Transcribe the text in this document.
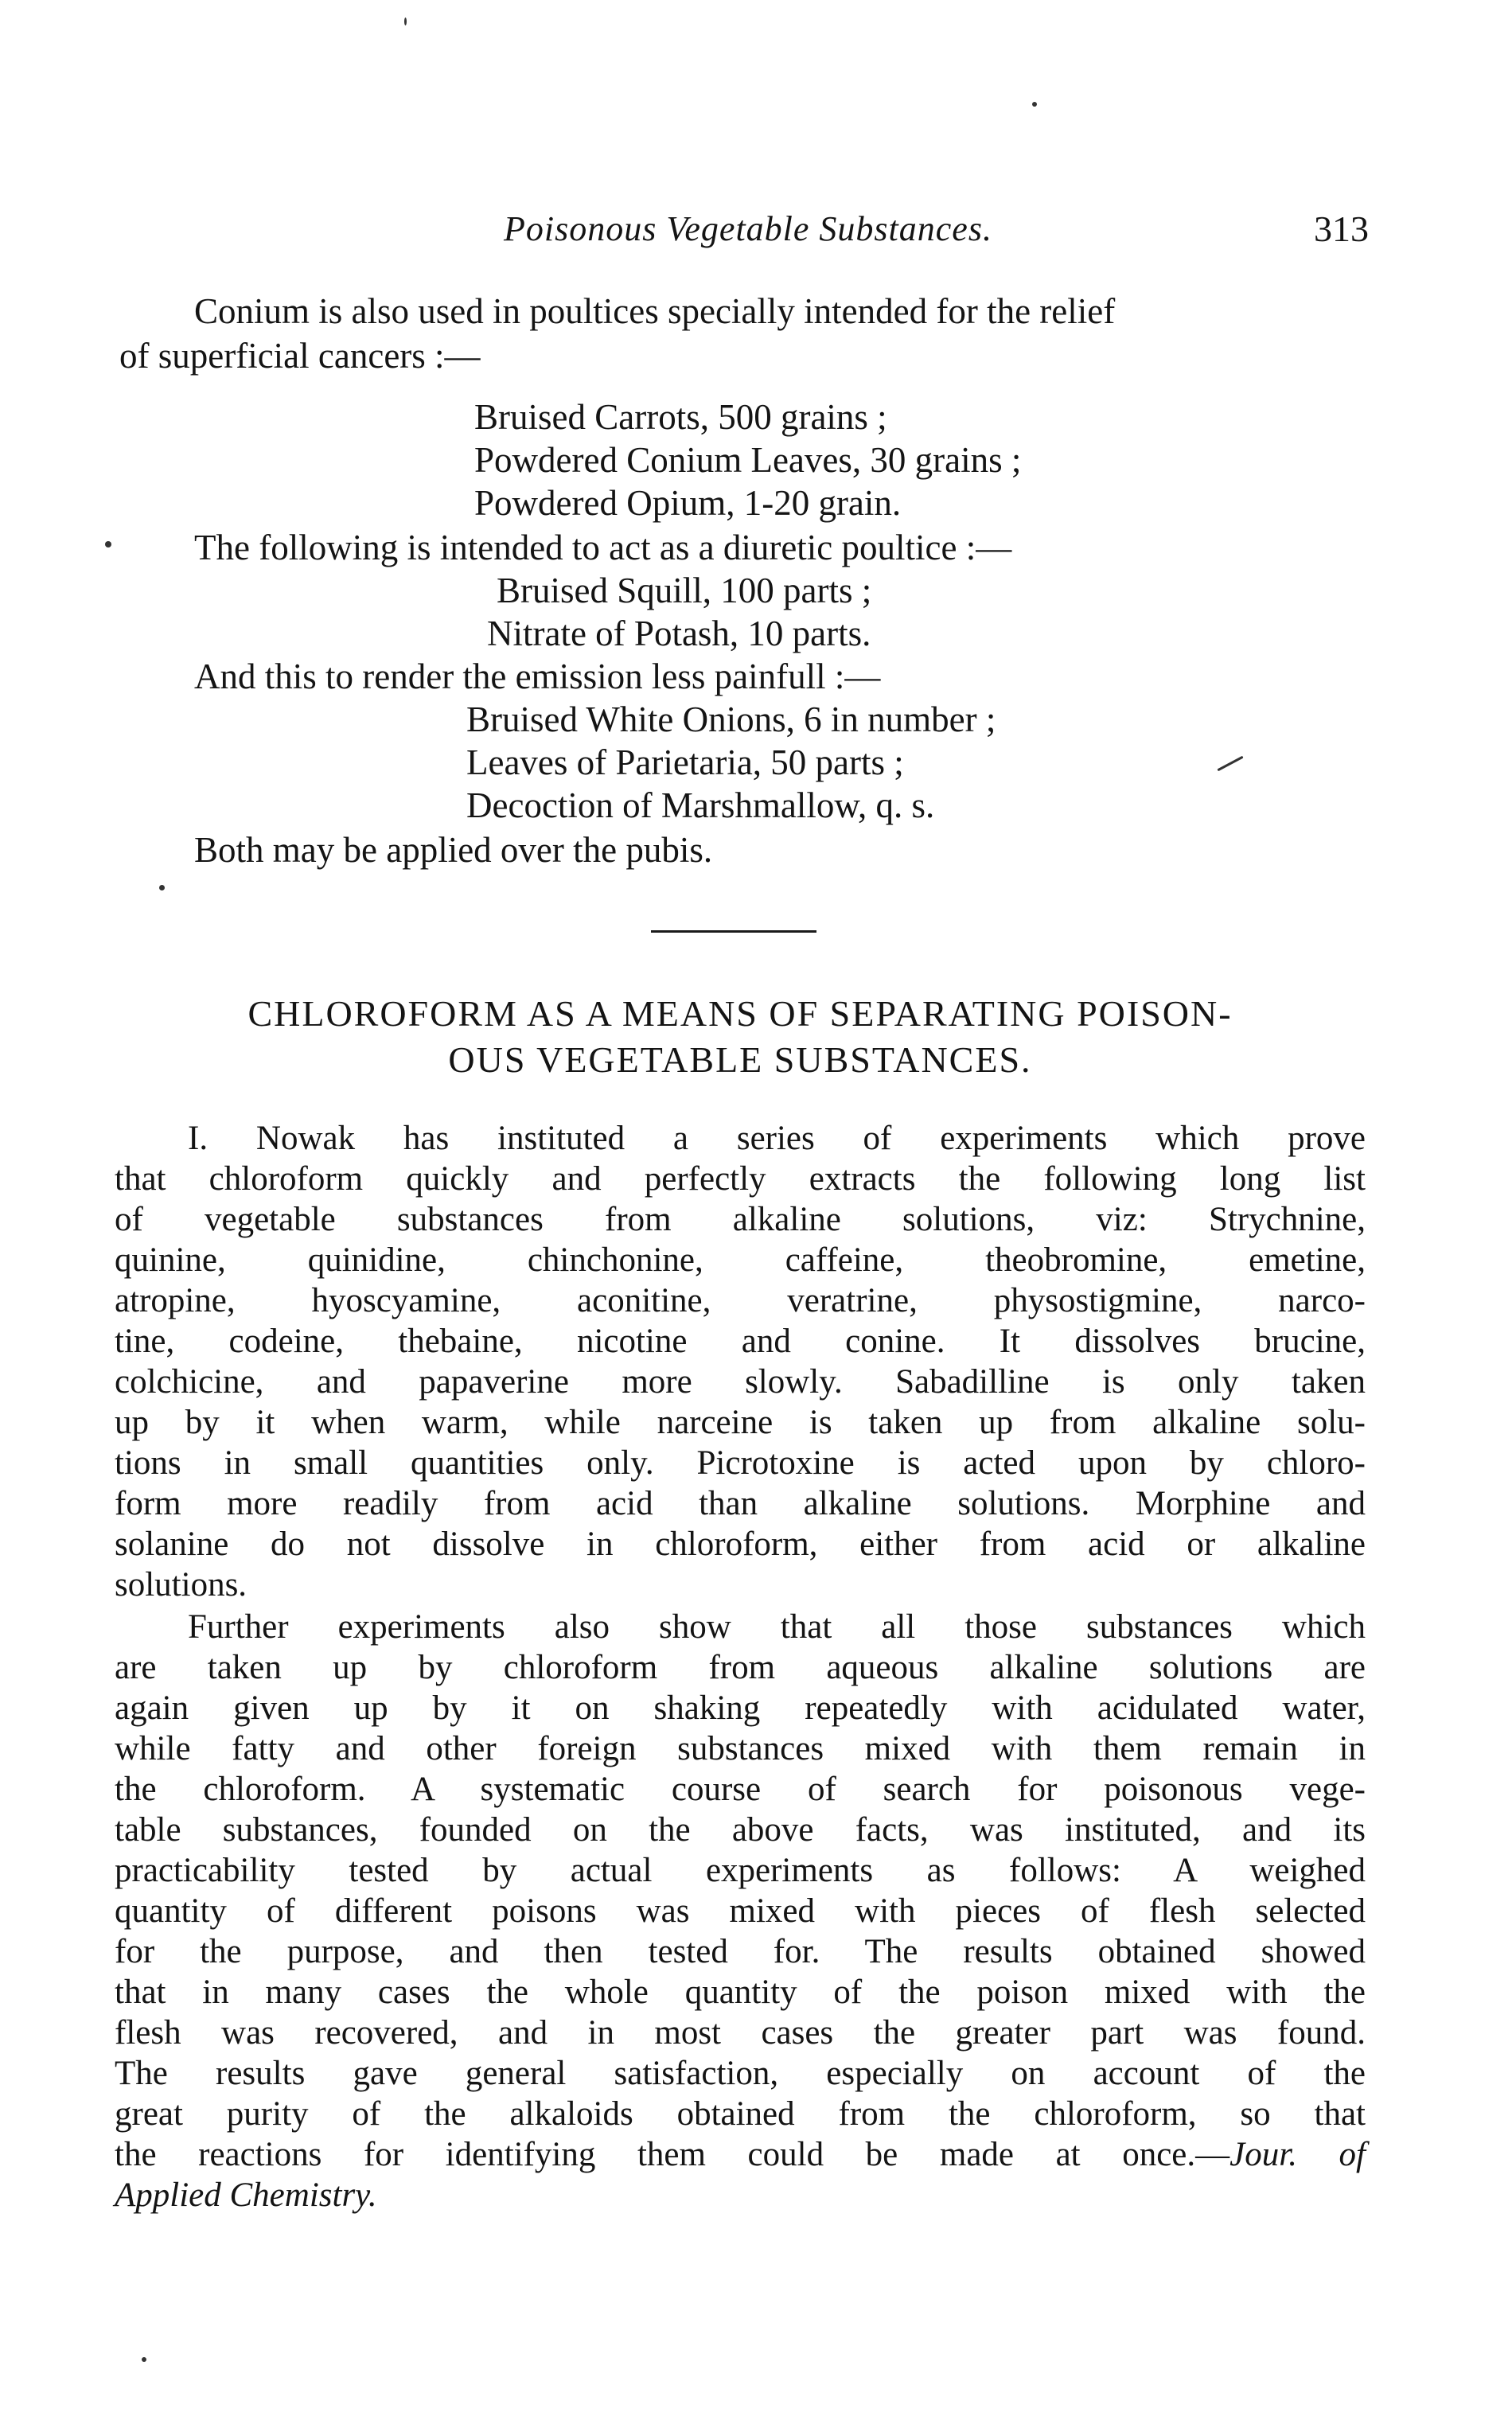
Poisonous Vegetable Substances.	313
Conium is also used in poultices specially intended for the relief
of superficial cancers :—
Bruised Carrots, 500 grains ;
Powdered Conium Leaves, 30 grains ;
Powdered Opium, 1-20 grain.
The following is intended to act as a diuretic poultice :—
Bruised Squill, 100 parts ;
Nitrate of Potash, 10 parts.
And this to render the emission less painfull :—
Bruised White Onions, 6 in number ;
Leaves of Parietaria, 50 parts ;
Decoction of Marshmallow, q. s.
Both may be applied over the pubis.
CHLOROFORM AS A MEANS OF SEPARATING POISON-
OUS VEGETABLE SUBSTANCES.
I. Nowak has instituted a series of experiments which prove
that chloroform quickly and perfectly extracts the following long list
of vegetable substances from alkaline solutions, viz: Strychnine,
quinine, quinidine, chinchonine, caffeine, theobromine, emetine,
atropine, hyoscyamine, aconitine, veratrine, physostigmine, narco-
tine, codeine, thebaine, nicotine and conine. It dissolves brucine,
colchicine, and papaverine more slowly. Sabadilline is only taken
up by it when warm, while narceine is taken up from alkaline solu-
tions in small quantities only. Picrotoxine is acted upon by chloro-
form more readily from acid than alkaline solutions. Morphine and
solanine do not dissolve in chloroform, either from acid or alkaline
solutions.
Further experiments also show that all those substances which
are taken up by chloroform from aqueous alkaline solutions are
again given up by it on shaking repeatedly with acidulated water,
while fatty and other foreign substances mixed with them remain in
the chloroform. A systematic course of search for poisonous vege-
table substances, founded on the above facts, was instituted, and its
practicability tested by actual experiments as follows: A weighed
quantity of different poisons was mixed with pieces of flesh selected
for the purpose, and then tested for. The results obtained showed
that in many cases the whole quantity of the poison mixed with the
flesh was recovered, and in most cases the greater part was found.
The results gave general satisfaction, especially on account of the
great purity of the alkaloids obtained from the chloroform, so that
the reactions for identifying them could be made at once.—Jour. of
Applied Chemistry.
